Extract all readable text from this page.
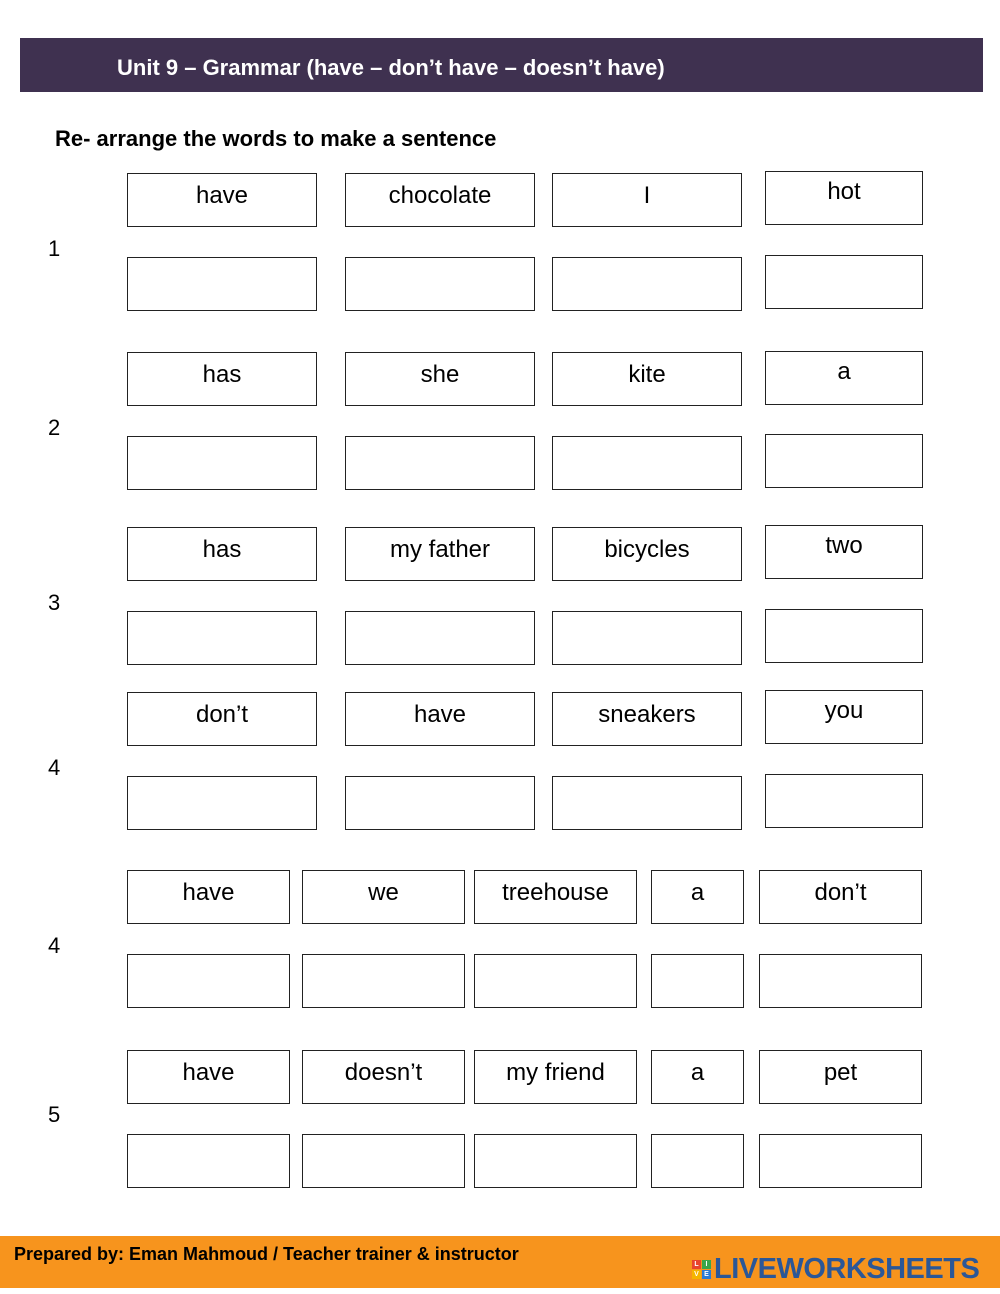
Unit 9 – Grammar (have – don’t have – doesn’t have)
Re- arrange the words to make a sentence
1
have	chocolate	I	hot
2
has	she	kite	a
3
has	my father	bicycles	two
4
don’t	have	sneakers	you
4
have	we	treehouse	a	don’t
5
have	doesn’t	my friend	a	pet
Prepared by: Eman Mahmoud / Teacher trainer & instructor	L I
V E LIVEWORKSHEETS
